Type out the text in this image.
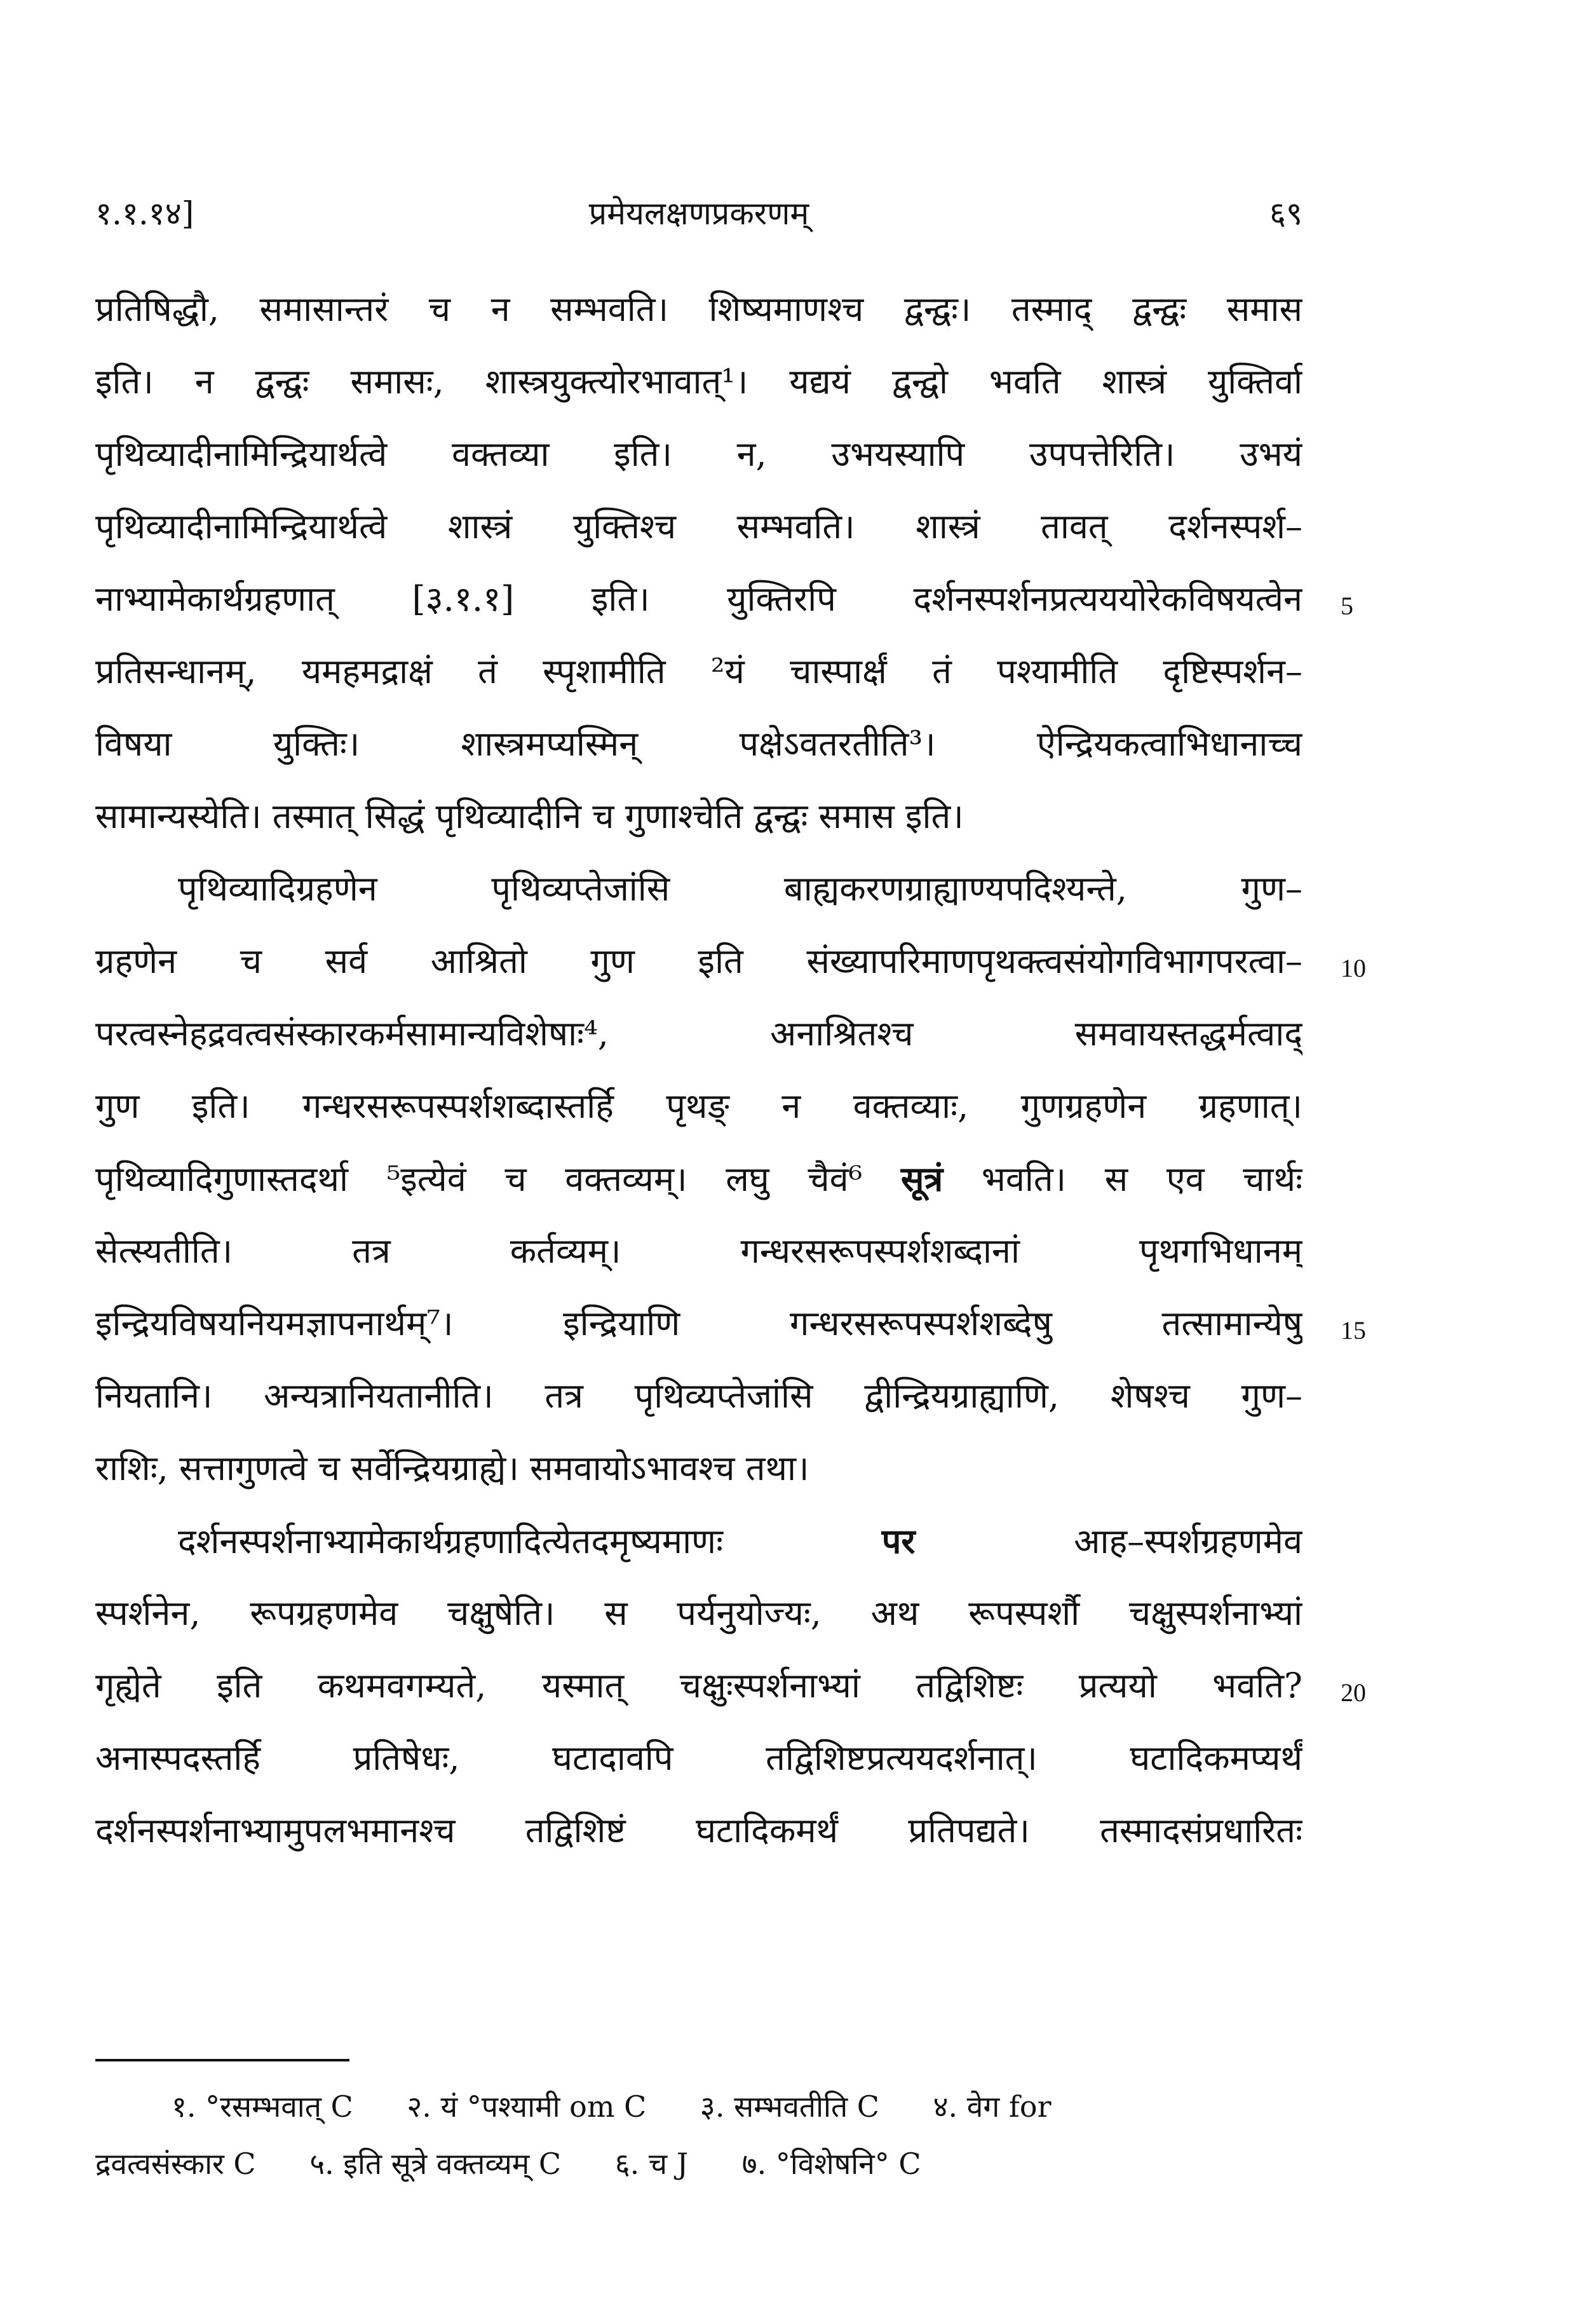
१.१.१४]	प्रमेयलक्षणप्रकरणम्	६९
प्रतिषिद्धौ, समासान्तरं च न सम्भवति। शिष्यमाणश्च द्वन्द्वः। तस्माद् द्वन्द्वः समास
इति। न द्वन्द्वः समासः, शास्त्रयुक्त्योरभावात्¹। यद्ययं द्वन्द्वो भवति शास्त्रं युक्तिर्वा
पृथिव्यादीनामिन्द्रियार्थत्वे वक्तव्या इति। न, उभयस्यापि उपपत्तेरिति। उभयं
पृथिव्यादीनामिन्द्रियार्थत्वे शास्त्रं युक्तिश्च सम्भवति। शास्त्रं तावत् दर्शनस्पर्श–
नाभ्यामेकार्थग्रहणात् [३.१.१] इति। युक्तिरपि दर्शनस्पर्शनप्रत्यययोरेकविषयत्वेन
प्रतिसन्धानम्, यमहमद्राक्षं तं स्पृशामीति ²यं चास्पार्क्षं तं पश्यामीति दृष्टिस्पर्शन–
विषया युक्तिः। शास्त्रमप्यस्मिन् पक्षेऽवतरतीति³। ऐन्द्रियकत्वाभिधानाच्च
सामान्यस्येति। तस्मात् सिद्धं पृथिव्यादीनि च गुणाश्चेति द्वन्द्वः समास इति।
पृथिव्यादिग्रहणेन पृथिव्यप्तेजांसि बाह्यकरणग्राह्याण्यपदिश्यन्ते, गुण–
ग्रहणेन च सर्व आश्रितो गुण इति संख्यापरिमाणपृथक्त्वसंयोगविभागपरत्वा–
परत्वस्नेहद्रवत्वसंस्कारकर्मसामान्यविशेषाः⁴, अनाश्रितश्च समवायस्तद्धर्मत्वाद्
गुण इति। गन्धरसरूपस्पर्शशब्दास्तर्हि पृथङ् न वक्तव्याः, गुणग्रहणेन ग्रहणात्।
पृथिव्यादिगुणास्तदर्था ⁵इत्येवं च वक्तव्यम्। लघु चैवं⁶ सूत्रं भवति। स एव चार्थः
सेत्स्यतीति। तत्र कर्तव्यम्। गन्धरसरूपस्पर्शशब्दानां पृथगभिधानम्
इन्द्रियविषयनियमज्ञापनार्थम्⁷। इन्द्रियाणि गन्धरसरूपस्पर्शशब्देषु तत्सामान्येषु
नियतानि। अन्यत्रानियतानीति। तत्र पृथिव्यप्तेजांसि द्वीन्द्रियग्राह्याणि, शेषश्च गुण–
राशिः, सत्तागुणत्वे च सर्वेन्द्रियग्राह्ये। समवायोऽभावश्च तथा।
दर्शनस्पर्शनाभ्यामेकार्थग्रहणादित्येतदमृष्यमाणः	पर	आह–स्पर्शग्रहणमेव
स्पर्शनेन, रूपग्रहणमेव चक्षुषेति। स पर्यनुयोज्यः, अथ रूपस्पर्शौ चक्षुस्पर्शनाभ्यां
गृह्येते इति कथमवगम्यते, यस्मात् चक्षुःस्पर्शनाभ्यां तद्विशिष्टः प्रत्ययो भवति?
अनास्पदस्तर्हि प्रतिषेधः, घटादावपि तद्विशिष्टप्रत्ययदर्शनात्। घटादिकमप्यर्थं
दर्शनस्पर्शनाभ्यामुपलभमानश्च तद्विशिष्टं घटादिकमर्थं प्रतिपद्यते। तस्मादसंप्रधारितः
5
10
15
20
१. °रसम्भवात् C २. यं °पश्यामी om C ३. सम्भवतीति C ४. वेग for
द्रवत्वसंस्कार C ५. इति सूत्रे वक्तव्यम् C ६. च J ७. °विशेषनि° C
